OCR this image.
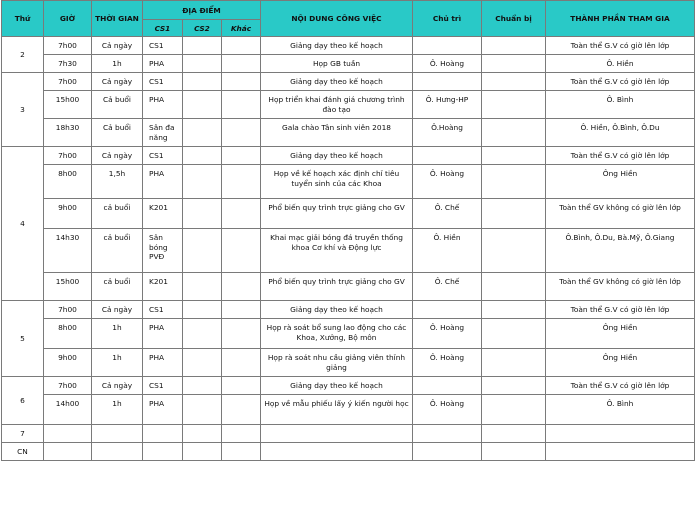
Thứ	GIỜ	THỜI GIAN	ĐỊA ĐIỂM			NỘI DUNG CÔNG VIỆC	Chủ trì	Chuẩn bị	THÀNH PHẦN THAM GIA
			CS1	CS2	Khác				
2	7h00	Cả ngày	CS1			Giảng dạy theo kế hoạch			Toàn thể G.V có giờ lên lớp
	7h30	1h	PHA			Họp GB tuần	Ô. Hoàng		Ô. Hiền
3	7h00	Cả ngày	CS1			Giảng dạy theo kế hoạch			Toàn thể G.V có giờ lên lớp
	15h00	Cả buổi	PHA			Họp triển khai đánh giá chương trình đào tạo	Ô. Hưng-HP		Ô. Bình
	18h30	Cả buổi	Sân đa năng			Gala chào Tân sinh viên 2018	Ô.Hoàng		Ô. Hiền, Ô.Bình, Ô.Du
4	7h00	Cả ngày	CS1			Giảng dạy theo kế hoạch			Toàn thể G.V có giờ lên lớp
	8h00	1,5h	PHA			Họp về kế hoạch xác định chỉ tiêu tuyển sinh của các Khoa	Ô. Hoàng		Ông Hiền
	9h00	cả buổi	K201			Phổ biến quy trình trực giảng cho GV	Ô. Chế		Toàn thể GV không có giờ lên lớp
	14h30	cả buổi	Sân bóng PVĐ			Khai mạc giải bóng đá truyền thống khoa Cơ khí và Động lực	Ô. Hiền		Ô.Bình, Ô.Du, Bà.Mỹ, Ô.Giang
	15h00	cả buổi	K201			Phổ biến quy trình trực giảng cho GV	Ô. Chế		Toàn thể GV không có giờ lên lớp
5	7h00	Cả ngày	CS1			Giảng dạy theo kế hoạch			Toàn thể G.V có giờ lên lớp
	8h00	1h	PHA			Họp rà soát bổ sung lao động cho các Khoa, Xưởng, Bộ môn	Ô. Hoàng		Ông Hiền
	9h00	1h	PHA			Họp rà soát nhu cầu giảng viên thỉnh giảng	Ô. Hoàng		Ông Hiền
6	7h00	Cả ngày	CS1			Giảng dạy theo kế hoạch			Toàn thể G.V có giờ lên lớp
	14h00	1h	PHA			Họp về mẫu phiếu lấy ý kiến người học	Ô. Hoàng		Ô. Bình
7									
CN									
